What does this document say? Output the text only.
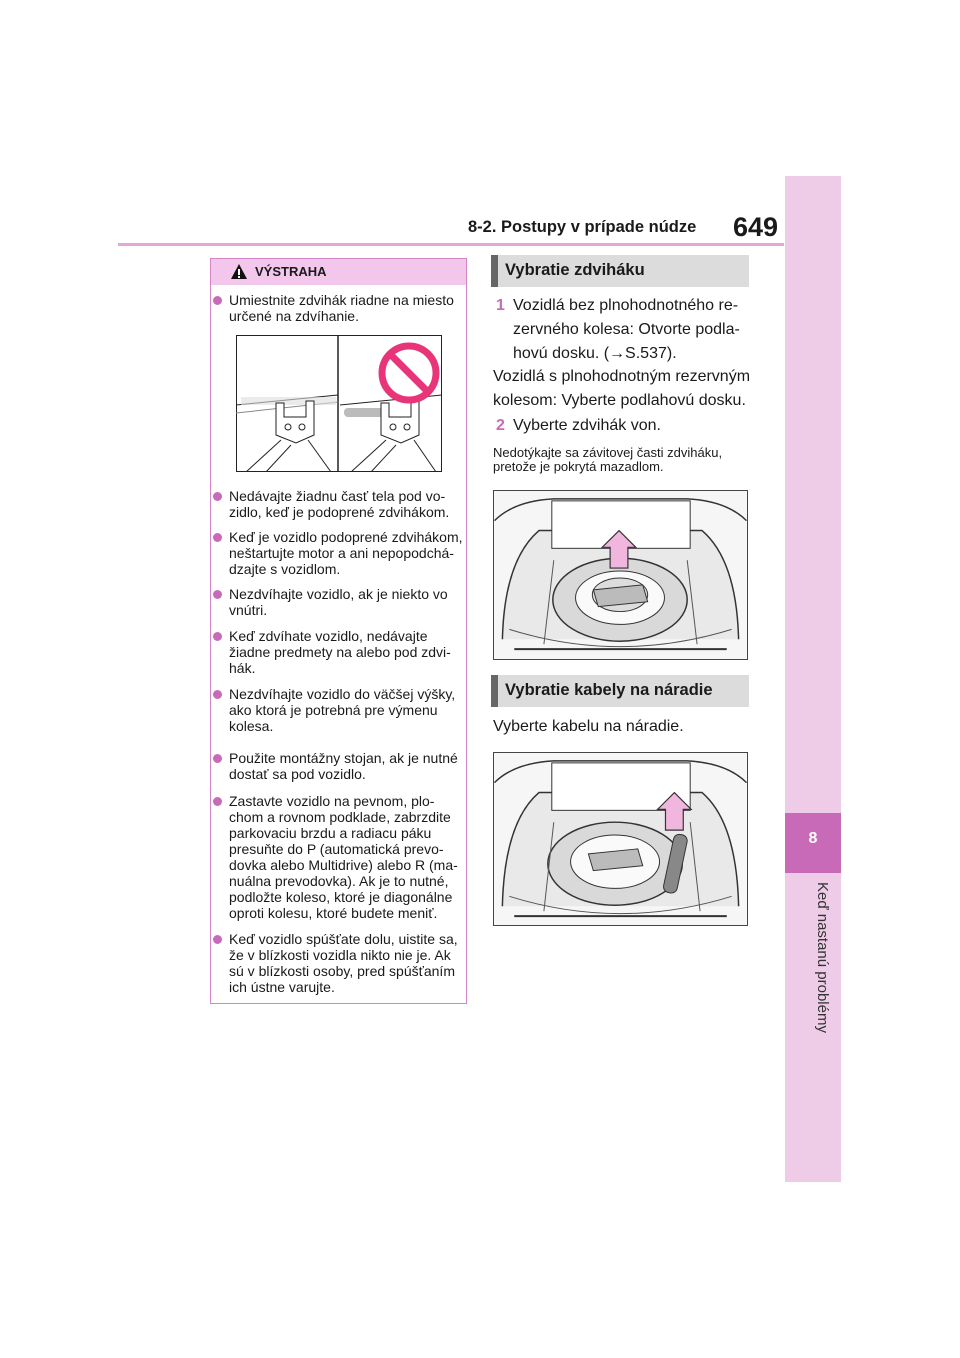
8-2. Postupy v prípade núdze 649
8
Keď nastanú problémy
VÝSTRAHA
Umiestnite zdvihák riadne na miesto určené na zdvíhanie.
Nedávajte žiadnu časť tela pod vo-zidlo, keď je podoprené zdvihákom.
Keď je vozidlo podoprené zdvihákom, neštartujte motor a ani nepopodchá-dzajte s vozidlom.
Nezdvíhajte vozidlo, ak je niekto vo vnútri.
Keď zdvíhate vozidlo, nedávajte žiadne predmety na alebo pod zdvi-hák.
Nezdvíhajte vozidlo do väčšej výšky, ako ktorá je potrebná pre výmenu kolesa.
Použite montážny stojan, ak je nutné dostať sa pod vozidlo.
Zastavte vozidlo na pevnom, plo-chom a rovnom podklade, zabrzdite parkovaciu brzdu a radiacu páku presuňte do P (automatická prevo-dovka alebo Multidrive) alebo R (ma-nuálna prevodovka). Ak je to nutné, podložte koleso, ktoré je diagonálne oproti kolesu, ktoré budete meniť.
Keď vozidlo spúšťate dolu, uistite sa, že v blízkosti vozidla nikto nie je. Ak sú v blízkosti osoby, pred spúšťaním ich ústne varujte.
Vybratie zdviháku
1 Vozidlá bez plnohodnotného re-zervného kolesa: Otvorte podla-hovú dosku. (→S.537).
Vozidlá s plnohodnotným rezervným kolesom: Vyberte podlahovú dosku.
2 Vyberte zdvihák von.
Nedotýkajte sa závitovej časti zdviháku, pretože je pokrytá mazadlom.
Vybratie kabely na náradie
Vyberte kabelu na náradie.
